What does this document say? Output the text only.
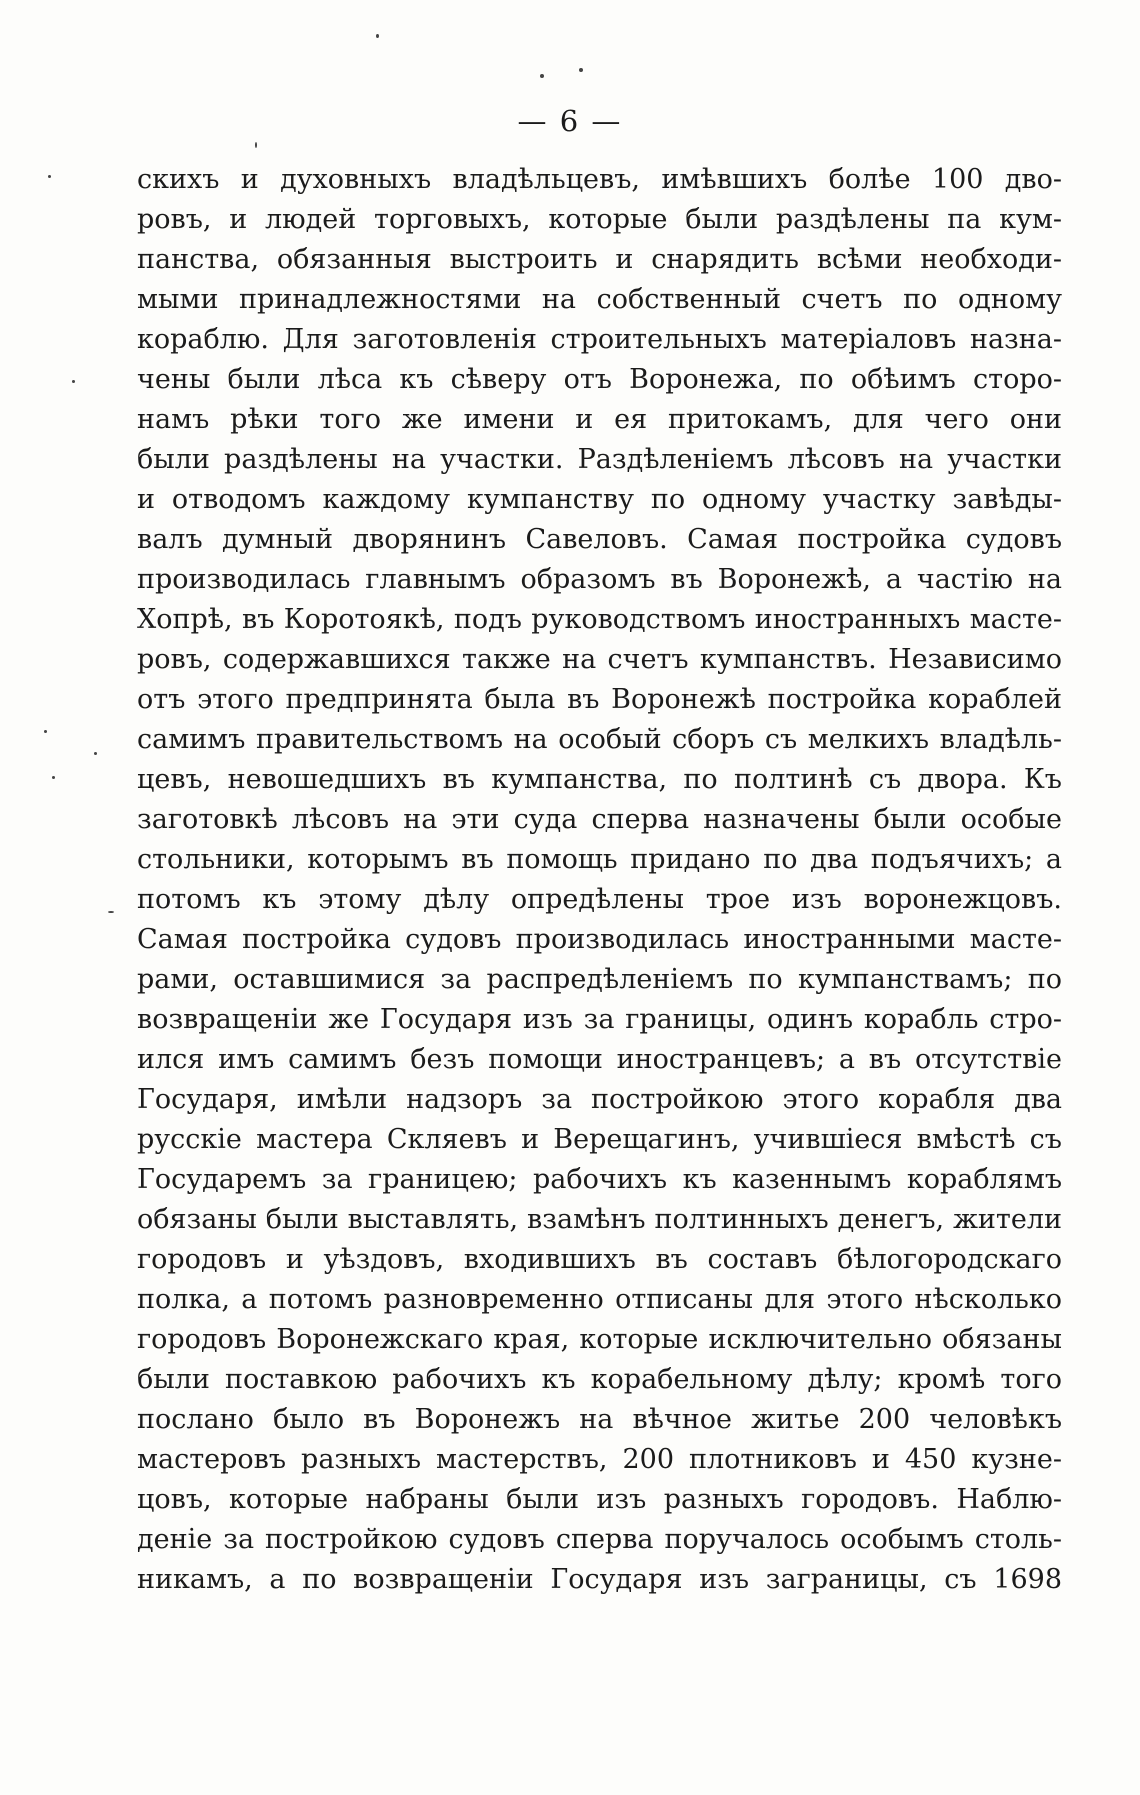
— 6 —
скихъ и духовныхъ владѣльцевъ, имѣвшихъ болѣе 100 дво-
ровъ, и людей торговыхъ, которые были раздѣлены па кум-
панства, обязанныя выстроить и снарядить всѣми необходи-
мыми принадлежностями на собственный счетъ по одному
кораблю. Для заготовленія строительныхъ матеріаловъ назна-
чены были лѣса къ сѣверу отъ Воронежа, по обѣимъ сторо-
намъ рѣки того же имени и ея притокамъ, для чего они
были раздѣлены на участки. Раздѣленіемъ лѣсовъ на участки
и отводомъ каждому кумпанству по одному участку завѣды-
валъ думный дворянинъ Савеловъ. Самая постройка судовъ
производилась главнымъ образомъ въ Воронежѣ, а частію на
Хопрѣ, въ Коротоякѣ, подъ руководствомъ иностранныхъ масте-
ровъ, содержавшихся также на счетъ кумпанствъ. Независимо
отъ этого предпринята была въ Воронежѣ постройка кораблей
самимъ правительствомъ на особый сборъ съ мелкихъ владѣль-
цевъ, невошедшихъ въ кумпанства, по полтинѣ съ двора. Къ
заготовкѣ лѣсовъ на эти суда сперва назначены были особые
стольники, которымъ въ помощь придано по два подъячихъ; а
потомъ къ этому дѣлу опредѣлены трое изъ воронежцовъ.
Самая постройка судовъ производилась иностранными масте-
рами, оставшимися за распредѣленіемъ по кумпанствамъ; по
возвращеніи же Государя изъ за границы, одинъ корабль стро-
ился имъ самимъ безъ помощи иностранцевъ; а въ отсутствіе
Государя, имѣли надзоръ за постройкою этого корабля два
русскіе мастера Скляевъ и Верещагинъ, учившіеся вмѣстѣ съ
Государемъ за границею; рабочихъ къ казеннымъ кораблямъ
обязаны были выставлять, взамѣнъ полтинныхъ денегъ, жители
городовъ и уѣздовъ, входившихъ въ составъ бѣлогородскаго
полка, а потомъ разновременно отписаны для этого нѣсколько
городовъ Воронежскаго края, которые исключительно обязаны
были поставкою рабочихъ къ корабельному дѣлу; кромѣ того
послано было въ Воронежъ на вѣчное житье 200 человѣкъ
мастеровъ разныхъ мастерствъ, 200 плотниковъ и 450 кузне-
цовъ, которые набраны были изъ разныхъ городовъ. Наблю-
деніе за постройкою судовъ сперва поручалось особымъ столь-
никамъ, а по возвращеніи Государя изъ заграницы, съ 1698
